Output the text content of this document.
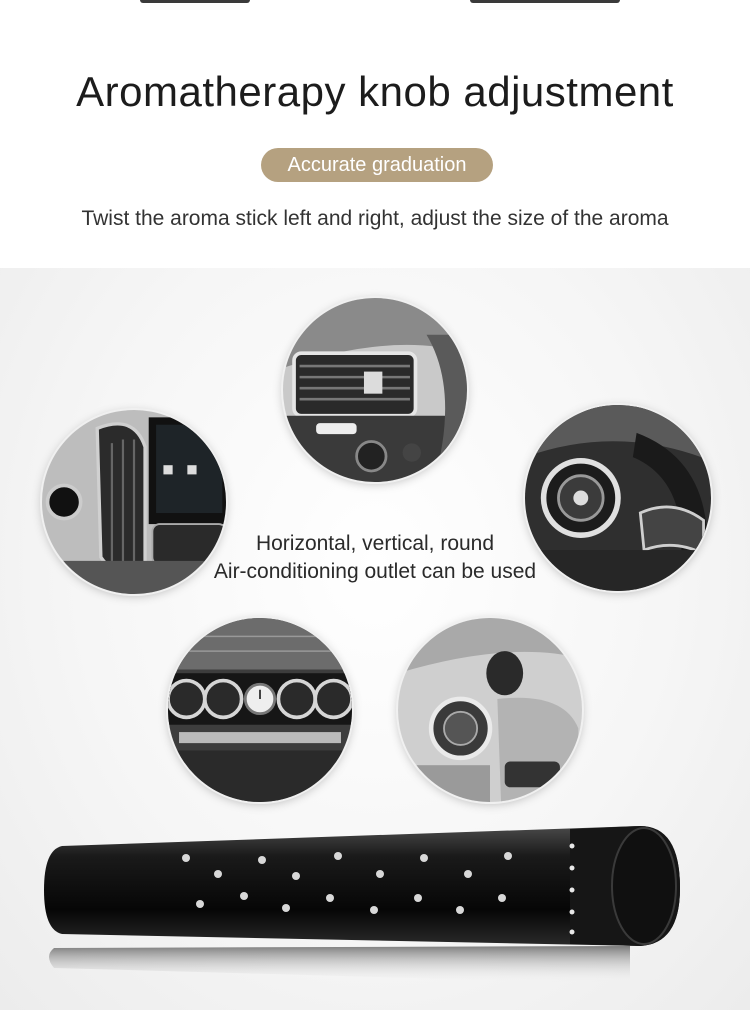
Aromatherapy knob adjustment
Accurate graduation
Twist the aroma stick left and right, adjust the size of the aroma
Horizontal, vertical, round
Air-conditioning outlet can be used
